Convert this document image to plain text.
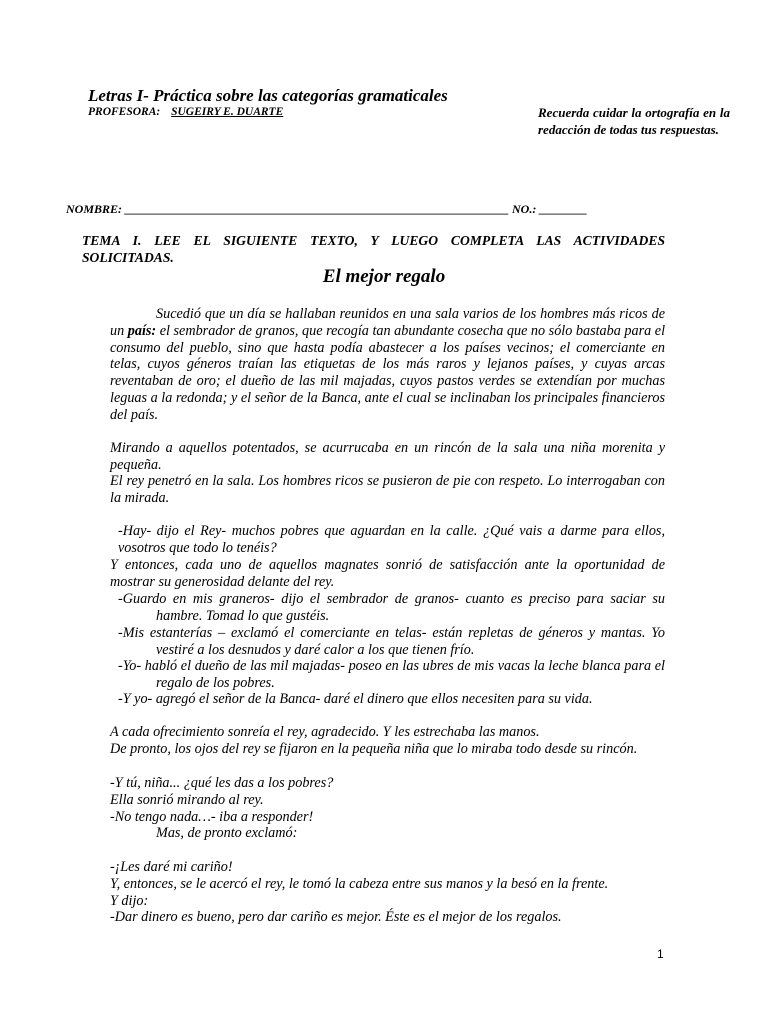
Letras I- Práctica sobre las categorías gramaticales
PROFESORA: SUGEIRY E. DUARTE	Recuerda cuidar la ortografía en la redacción de todas tus respuestas.
NOMBRE: ________________________________________________________________ NO.: ________
TEMA I. LEE EL SIGUIENTE TEXTO, Y LUEGO COMPLETA LAS ACTIVIDADES SOLICITADAS.
El mejor regalo
Sucedió que un día se hallaban reunidos en una sala varios de los hombres más ricos de un país: el sembrador de granos, que recogía tan abundante cosecha que no sólo bastaba para el consumo del pueblo, sino que hasta podía abastecer a los países vecinos; el comerciante en telas, cuyos géneros traían las etiquetas de los más raros y lejanos países, y cuyas arcas reventaban de oro; el dueño de las mil majadas, cuyos pastos verdes se extendían por muchas leguas a la redonda; y el señor de la Banca, ante el cual se inclinaban los principales financieros del país.
Mirando a aquellos potentados, se acurrucaba en un rincón de la sala una niña morenita y pequeña.
El rey penetró en la sala. Los hombres ricos se pusieron de pie con respeto. Lo interrogaban con la mirada.
-Hay- dijo el Rey- muchos pobres que aguardan en la calle. ¿Qué vais a darme para ellos, vosotros que todo lo tenéis?
Y entonces, cada uno de aquellos magnates sonrió de satisfacción ante la oportunidad de mostrar su generosidad delante del rey.
-Guardo en mis graneros- dijo el sembrador de granos- cuanto es preciso para saciar su hambre. Tomad lo que gustéis.
-Mis estanterías – exclamó el comerciante en telas- están repletas de géneros y mantas. Yo vestiré a los desnudos y daré calor a los que tienen frío.
-Yo- habló el dueño de las mil majadas- poseo en las ubres de mis vacas la leche blanca para el regalo de los pobres.
-Y yo- agregó el señor de la Banca- daré el dinero que ellos necesiten para su vida.
A cada ofrecimiento sonreía el rey, agradecido. Y les estrechaba las manos.
De pronto, los ojos del rey se fijaron en la pequeña niña que lo miraba todo desde su rincón.
-Y tú, niña... ¿qué les das a los pobres?
Ella sonrió mirando al rey.
-No tengo nada…- iba a responder!
Mas, de pronto exclamó:
-¡Les daré mi cariño!
Y, entonces, se le acercó el rey, le tomó la cabeza entre sus manos y la besó en la frente.
Y dijo:
-Dar dinero es bueno, pero dar cariño es mejor. Éste es el mejor de los regalos.
1
